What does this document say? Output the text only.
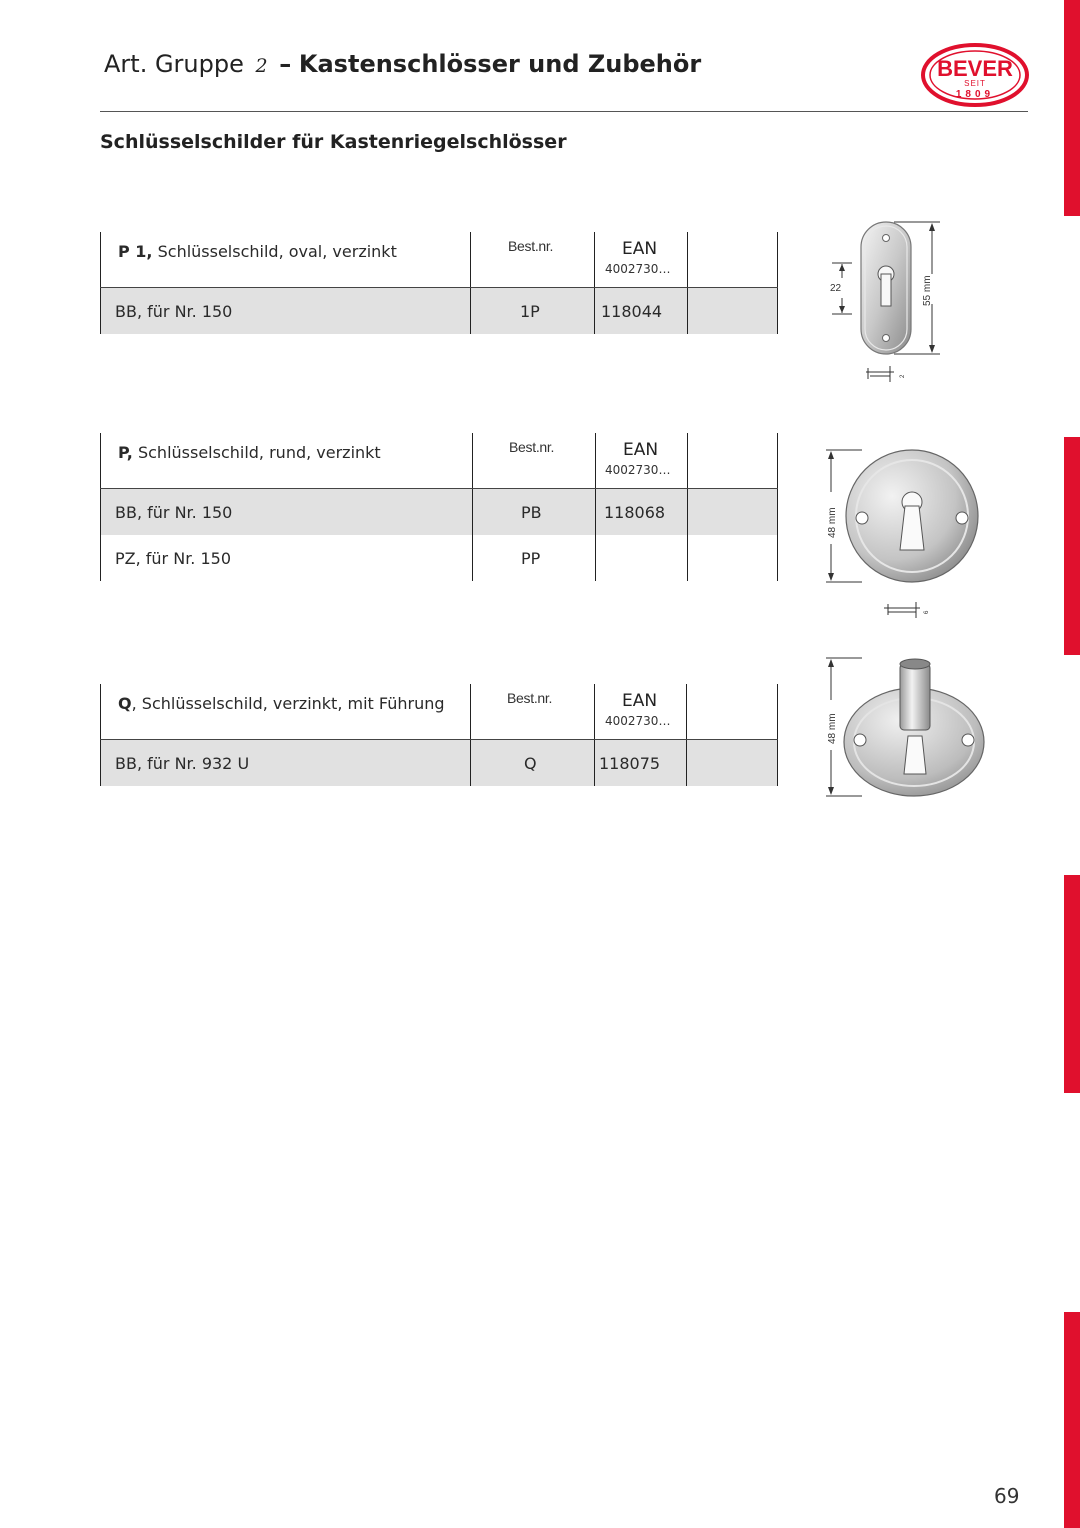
Art. Gruppe 2 – Kastenschlösser und Zubehör	BEVER
SEIT
1809
Schlüsselschilder für Kastenriegelschlösser
P 1, Schlüsselschild, oval, verzinkt	Best.nr.	EAN
4002730…
BB, für Nr. 150	1P	118044
P, Schlüsselschild, rund, verzinkt	Best.nr.	EAN
4002730…
BB, für Nr. 150	PB	118068
PZ, für Nr. 150	PP
Q, Schlüsselschild, verzinkt, mit Führung	Best.nr.	EAN
4002730…
BB, für Nr. 932 U	Q	118075
55 mm
22
2
48 mm
6
48 mm
69
